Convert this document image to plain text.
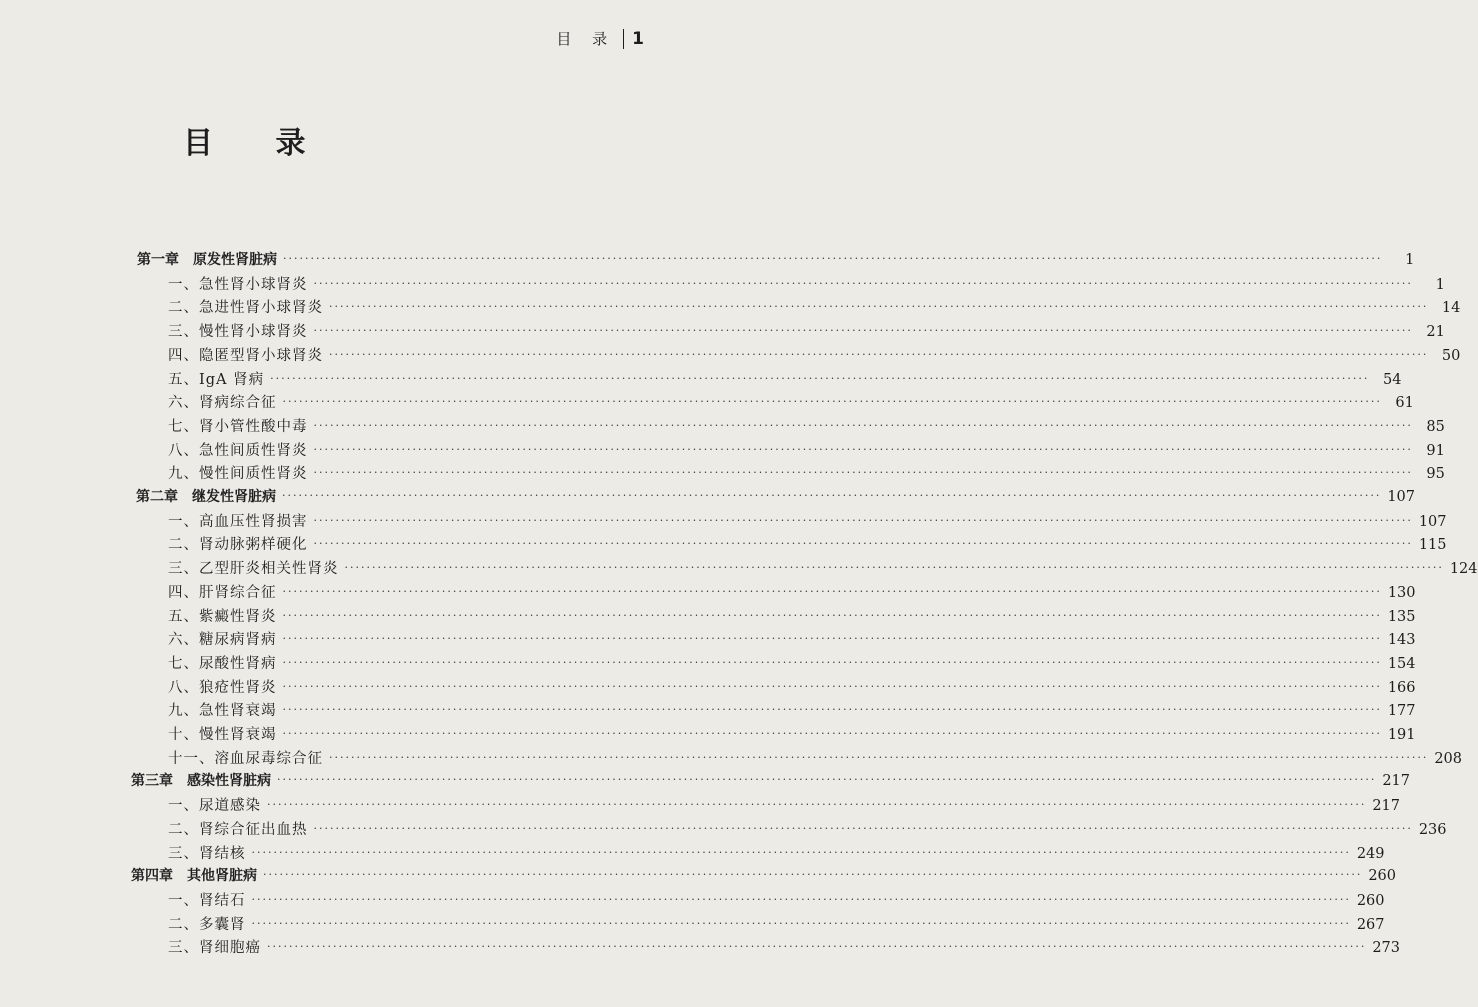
目 录 1
目 录
第一章 原发性肾脏病 ········································································································································································································	1
一、急性肾小球肾炎 ········································································································································································································	1
二、急进性肾小球肾炎 ········································································································································································································ 14
三、慢性肾小球肾炎 ········································································································································································································ 21
四、隐匿型肾小球肾炎 ········································································································································································································ 50
五、IgA 肾病 ········································································································································································································ 54
六、肾病综合征 ········································································································································································································ 61
七、肾小管性酸中毒 ········································································································································································································ 85
八、急性间质性肾炎 ········································································································································································································ 91
九、慢性间质性肾炎 ········································································································································································································ 95
第二章 继发性肾脏病 ········································································································································································································ 107
一、高血压性肾损害 ········································································································································································································ 107
二、肾动脉粥样硬化 ········································································································································································································ 115
三、乙型肝炎相关性肾炎 ········································································································································································································ 124
四、肝肾综合征 ········································································································································································································ 130
五、紫癜性肾炎 ········································································································································································································ 135
六、糖尿病肾病 ········································································································································································································ 143
七、尿酸性肾病 ········································································································································································································ 154
八、狼疮性肾炎 ········································································································································································································ 166
九、急性肾衰竭 ········································································································································································································ 177
十、慢性肾衰竭 ········································································································································································································ 191
十一、溶血尿毒综合征 ········································································································································································································ 208
第三章 感染性肾脏病 ········································································································································································································ 217
一、尿道感染 ········································································································································································································ 217
二、肾综合征出血热 ········································································································································································································ 236
三、肾结核 ········································································································································································································ 249
第四章 其他肾脏病 ········································································································································································································ 260
一、肾结石 ········································································································································································································ 260
二、多囊肾 ········································································································································································································ 267
三、肾细胞癌 ········································································································································································································ 273
